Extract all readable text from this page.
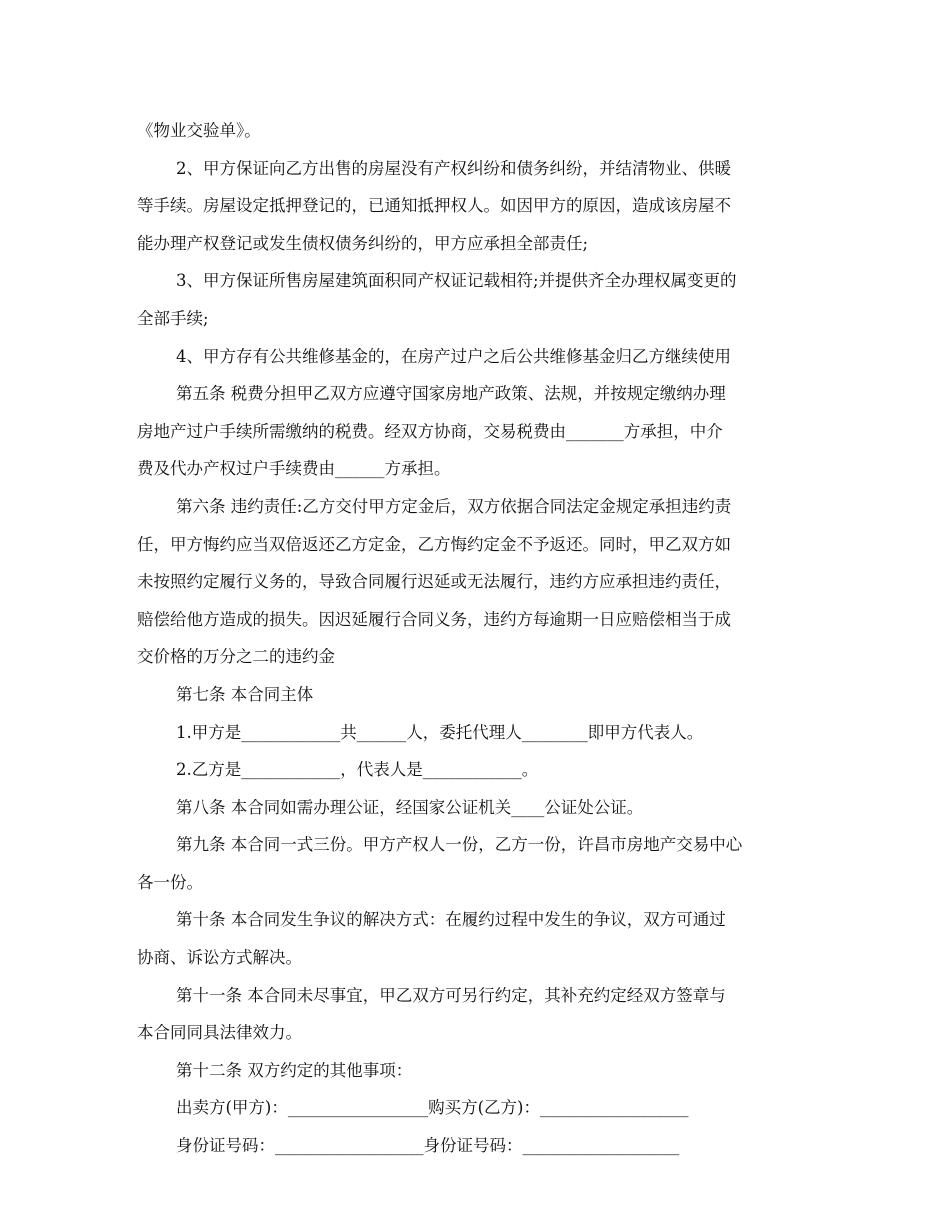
《物业交验单》。
2、甲方保证向乙方出售的房屋没有产权纠纷和债务纠纷，并结清物业、供暖
等手续。房屋设定抵押登记的，已通知抵押权人。如因甲方的原因，造成该房屋不
能办理产权登记或发生债权债务纠纷的，甲方应承担全部责任;
3、甲方保证所售房屋建筑面积同产权证记载相符;并提供齐全办理权属变更的
全部手续;
4、甲方存有公共维修基金的，在房产过户之后公共维修基金归乙方继续使用
第五条 税费分担甲乙双方应遵守国家房地产政策、法规，并按规定缴纳办理
房地产过户手续所需缴纳的税费。经双方协商，交易税费由_______方承担，中介
费及代办产权过户手续费由______方承担。
第六条 违约责任:乙方交付甲方定金后，双方依据合同法定金规定承担违约责
任，甲方悔约应当双倍返还乙方定金，乙方悔约定金不予返还。同时，甲乙双方如
未按照约定履行义务的，导致合同履行迟延或无法履行，违约方应承担违约责任，
赔偿给他方造成的损失。因迟延履行合同义务，违约方每逾期一日应赔偿相当于成
交价格的万分之二的违约金
第七条 本合同主体
1.甲方是____________共______人，委托代理人________即甲方代表人。
2.乙方是____________，代表人是____________。
第八条 本合同如需办理公证，经国家公证机关____公证处公证。
第九条 本合同一式三份。甲方产权人一份，乙方一份，许昌市房地产交易中心
各一份。
第十条 本合同发生争议的解决方式：在履约过程中发生的争议，双方可通过
协商、诉讼方式解决。
第十一条 本合同未尽事宜，甲乙双方可另行约定，其补充约定经双方签章与
本合同同具法律效力。
第十二条 双方约定的其他事项：
出卖方(甲方)：_________________购买方(乙方)：__________________
身份证号码：__________________身份证号码：___________________
